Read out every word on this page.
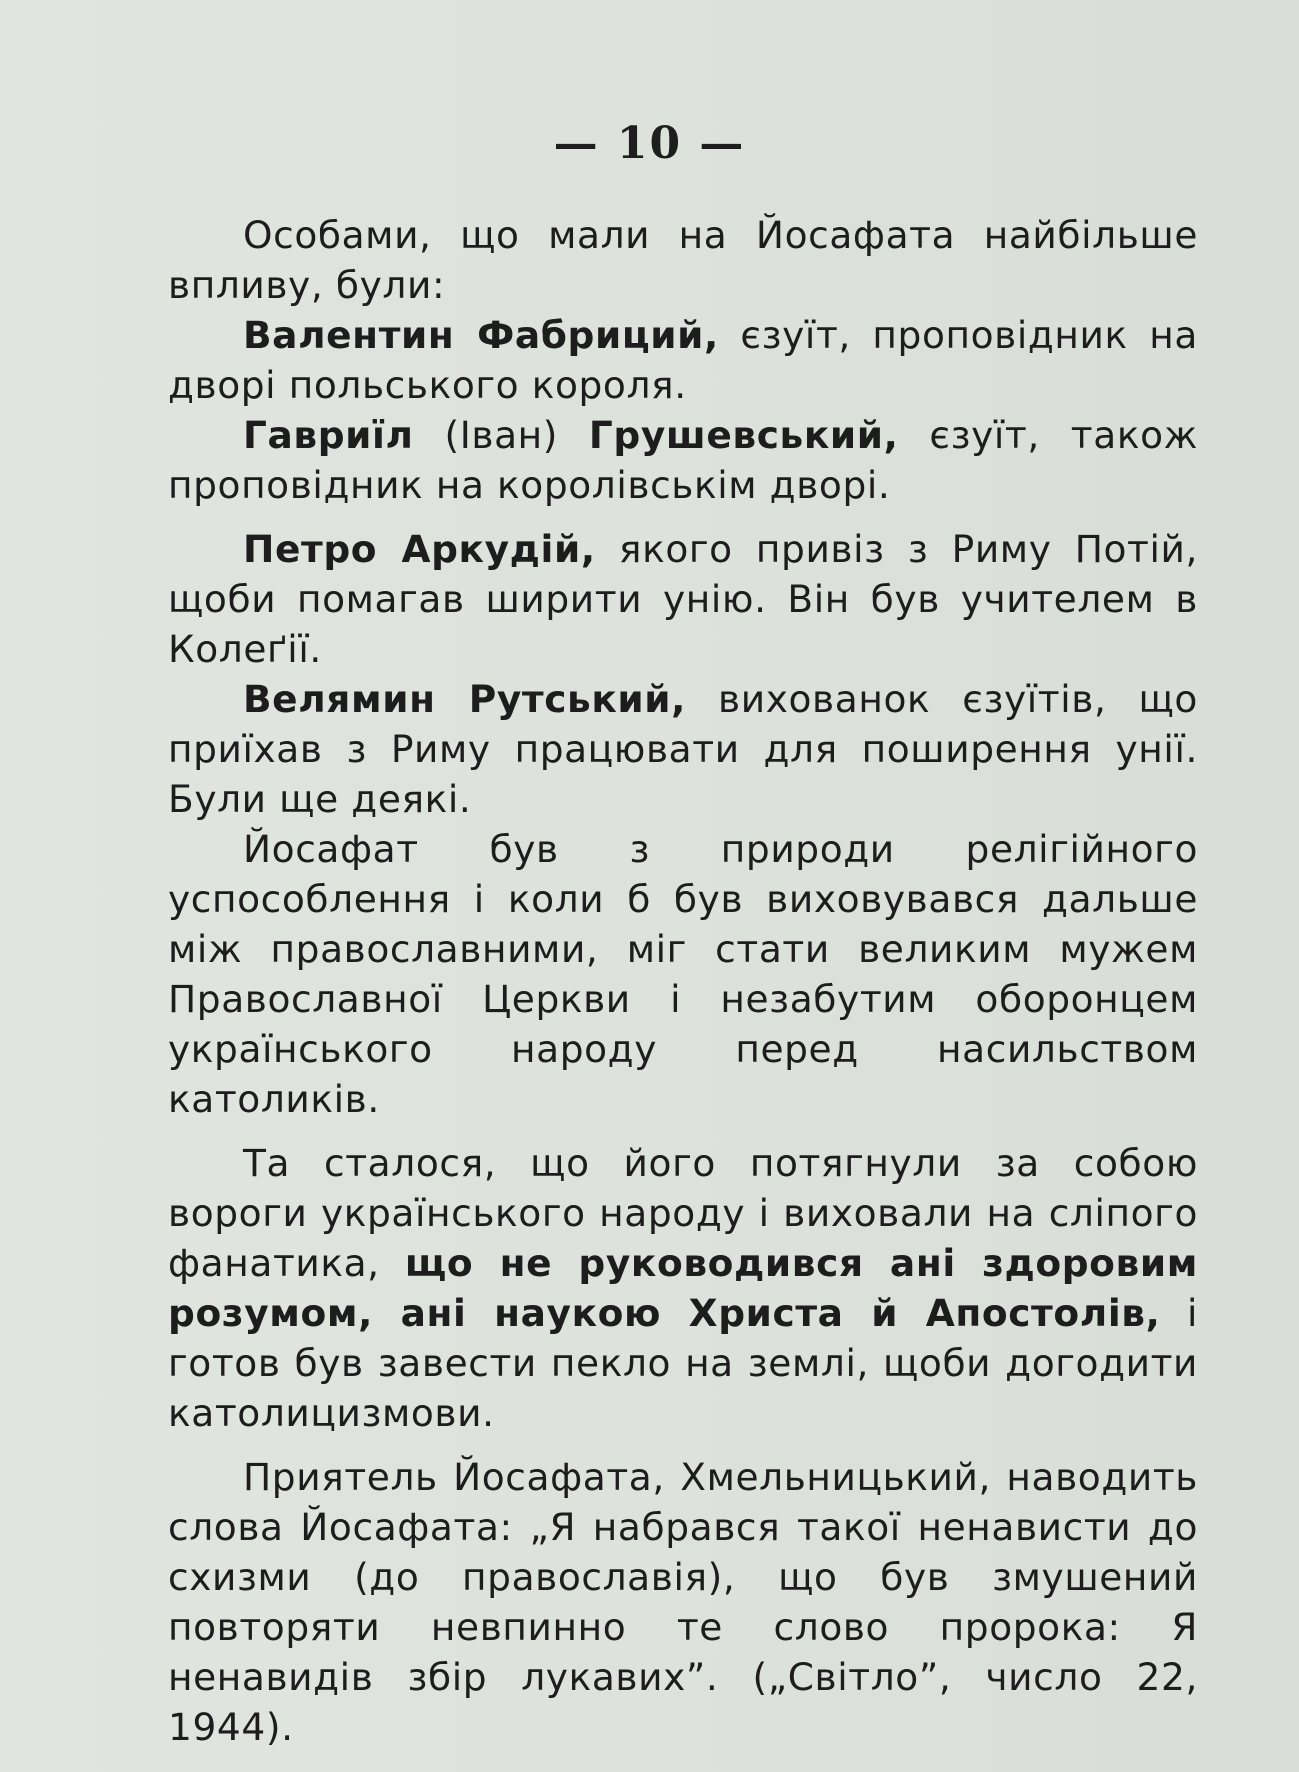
— 10 —

Особами, що мали на Йосафата найбільше впливу, були:

Валентин Фабриций, єзуїт, проповідник на дворі польського короля.

Гавриїл (Іван) Грушевський, єзуїт, також проповідник на королівськім дворі.

Петро Аркудій, якого привіз з Риму Потій, щоби помагав ширити унію. Він був учителем в Колеґії.

Велямин Рутський, вихованок єзуїтів, що приїхав з Риму працювати для поширення унії. Були ще деякі.

Йосафат був з природи релігійного успособлення і коли б був виховувався дальше між православними, міг стати великим мужем Православної Церкви і незабутим оборонцем українського народу перед насильством католиків.

Та сталося, що його потягнули за собою вороги українського народу і виховали на сліпого фанатика, що не руководився ані здоровим розумом, ані наукою Христа й Апостолів, і готов був завести пекло на землі, щоби догодити католицизмови.

Приятель Йосафата, Хмельницький, наводить слова Йосафата: „Я набрався такої ненависти до схизми (до православія), що був змушений повторяти невпинно те слово пророка: Я ненавидів збір лукавих”. („Світло”, число 22, 1944).
